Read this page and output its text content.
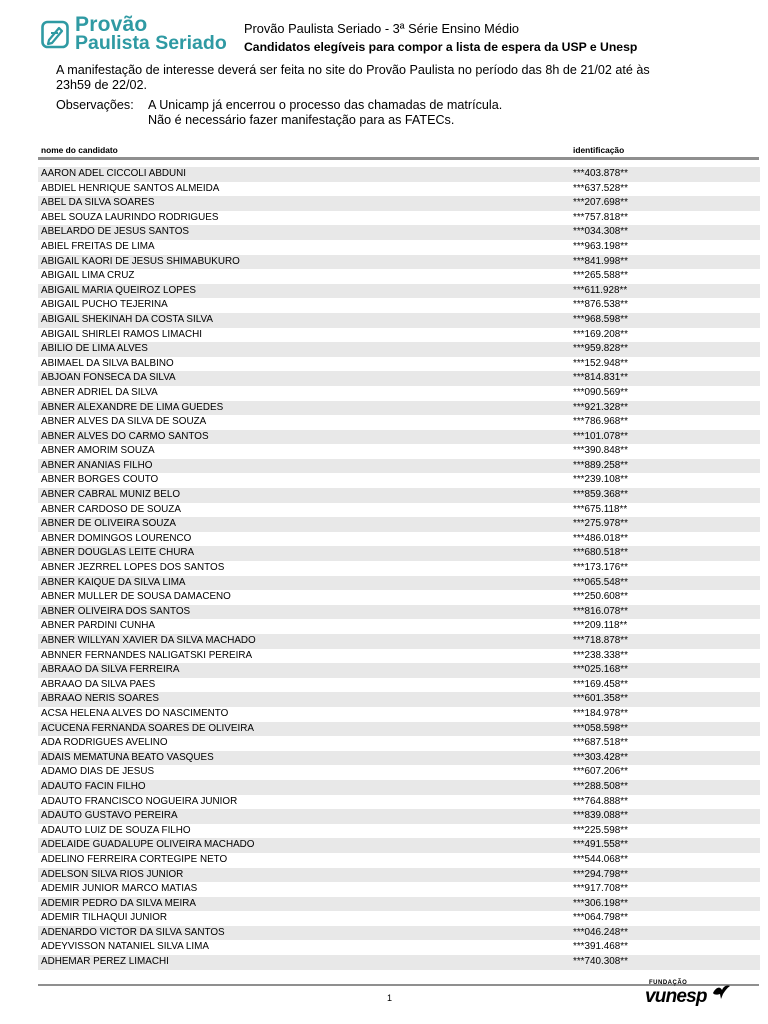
Provão
Paulista Seriado
Provão Paulista Seriado - 3ª Série Ensino Médio
Candidatos elegíveis para compor a lista de espera da USP e Unesp
A manifestação de interesse deverá ser feita no site do Provão Paulista no período das 8h de 21/02 até às 23h59 de 22/02.
Observações:	A Unicamp já encerrou o processo das chamadas de matrícula.
Não é necessário fazer manifestação para as FATECs.
nome do candidato	identificação
AARON ADEL CICCOLI ABDUNI	***403.878**
ABDIEL HENRIQUE SANTOS ALMEIDA	***637.528**
ABEL DA SILVA SOARES	***207.698**
ABEL SOUZA LAURINDO RODRIGUES	***757.818**
ABELARDO DE JESUS SANTOS	***034.308**
ABIEL FREITAS DE LIMA	***963.198**
ABIGAIL KAORI DE JESUS SHIMABUKURO	***841.998**
ABIGAIL LIMA CRUZ	***265.588**
ABIGAIL MARIA QUEIROZ LOPES	***611.928**
ABIGAIL PUCHO TEJERINA	***876.538**
ABIGAIL SHEKINAH DA COSTA SILVA	***968.598**
ABIGAIL SHIRLEI RAMOS LIMACHI	***169.208**
ABILIO DE LIMA ALVES	***959.828**
ABIMAEL DA SILVA BALBINO	***152.948**
ABJOAN FONSECA DA SILVA	***814.831**
ABNER ADRIEL DA SILVA	***090.569**
ABNER ALEXANDRE DE LIMA GUEDES	***921.328**
ABNER ALVES DA SILVA DE SOUZA	***786.968**
ABNER ALVES DO CARMO SANTOS	***101.078**
ABNER AMORIM SOUZA	***390.848**
ABNER ANANIAS FILHO	***889.258**
ABNER BORGES COUTO	***239.108**
ABNER CABRAL MUNIZ BELO	***859.368**
ABNER CARDOSO DE SOUZA	***675.118**
ABNER DE OLIVEIRA SOUZA	***275.978**
ABNER DOMINGOS LOURENCO	***486.018**
ABNER DOUGLAS LEITE CHURA	***680.518**
ABNER JEZRREL LOPES DOS SANTOS	***173.176**
ABNER KAIQUE DA SILVA LIMA	***065.548**
ABNER MULLER DE SOUSA DAMACENO	***250.608**
ABNER OLIVEIRA DOS SANTOS	***816.078**
ABNER PARDINI CUNHA	***209.118**
ABNER WILLYAN XAVIER DA SILVA MACHADO	***718.878**
ABNNER FERNANDES NALIGATSKI PEREIRA	***238.338**
ABRAAO DA SILVA FERREIRA	***025.168**
ABRAAO DA SILVA PAES	***169.458**
ABRAAO NERIS SOARES	***601.358**
ACSA HELENA ALVES DO NASCIMENTO	***184.978**
ACUCENA FERNANDA SOARES DE OLIVEIRA	***058.598**
ADA RODRIGUES AVELINO	***687.518**
ADAIS MEMATUNA BEATO VASQUES	***303.428**
ADAMO DIAS DE JESUS	***607.206**
ADAUTO FACIN FILHO	***288.508**
ADAUTO FRANCISCO NOGUEIRA JUNIOR	***764.888**
ADAUTO GUSTAVO PEREIRA	***839.088**
ADAUTO LUIZ DE SOUZA FILHO	***225.598**
ADELAIDE GUADALUPE OLIVEIRA MACHADO	***491.558**
ADELINO FERREIRA CORTEGIPE NETO	***544.068**
ADELSON SILVA RIOS JUNIOR	***294.798**
ADEMIR JUNIOR MARCO MATIAS	***917.708**
ADEMIR PEDRO DA SILVA MEIRA	***306.198**
ADEMIR TILHAQUI JUNIOR	***064.798**
ADENARDO VICTOR DA SILVA SANTOS	***046.248**
ADEYVISSON NATANIEL SILVA LIMA	***391.468**
ADHEMAR PEREZ LIMACHI	***740.308**
1
FUNDAÇÃO
vunesp
